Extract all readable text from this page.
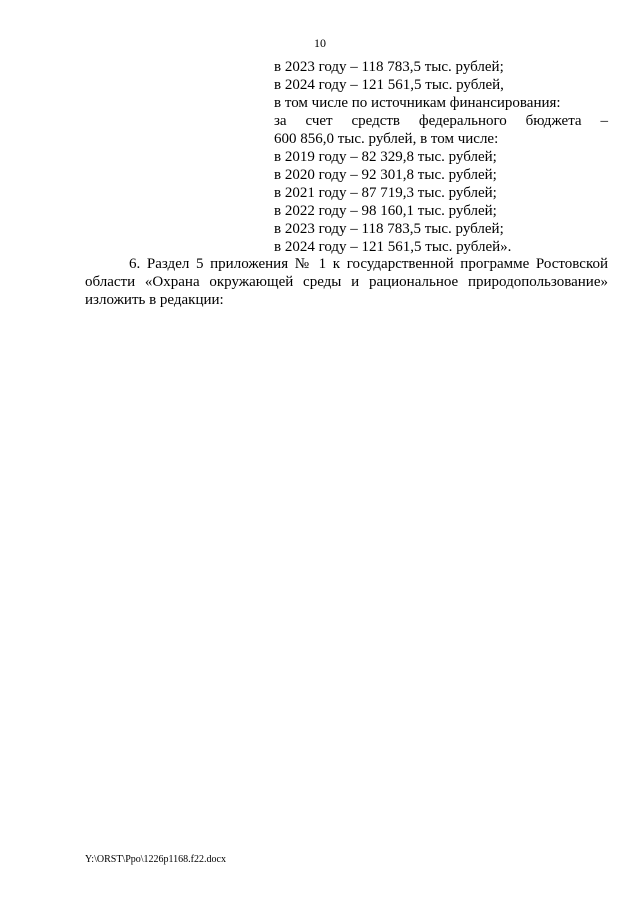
10
в 2023 году – 118 783,5 тыс. рублей;
в 2024 году – 121 561,5 тыс. рублей,
в том числе по источникам финансирования:
за счет средств федерального бюджета –
600 856,0 тыс. рублей, в том числе:
в 2019 году – 82 329,8 тыс. рублей;
в 2020 году – 92 301,8 тыс. рублей;
в 2021 году – 87 719,3 тыс. рублей;
в 2022 году – 98 160,1 тыс. рублей;
в 2023 году – 118 783,5 тыс. рублей;
в 2024 году – 121 561,5 тыс. рублей».
6. Раздел 5 приложения № 1 к государственной программе Ростовской
области «Охрана окружающей среды и рациональное природопользование»
изложить в редакции:
Y:\ORST\Ppo\1226p1168.f22.docx
